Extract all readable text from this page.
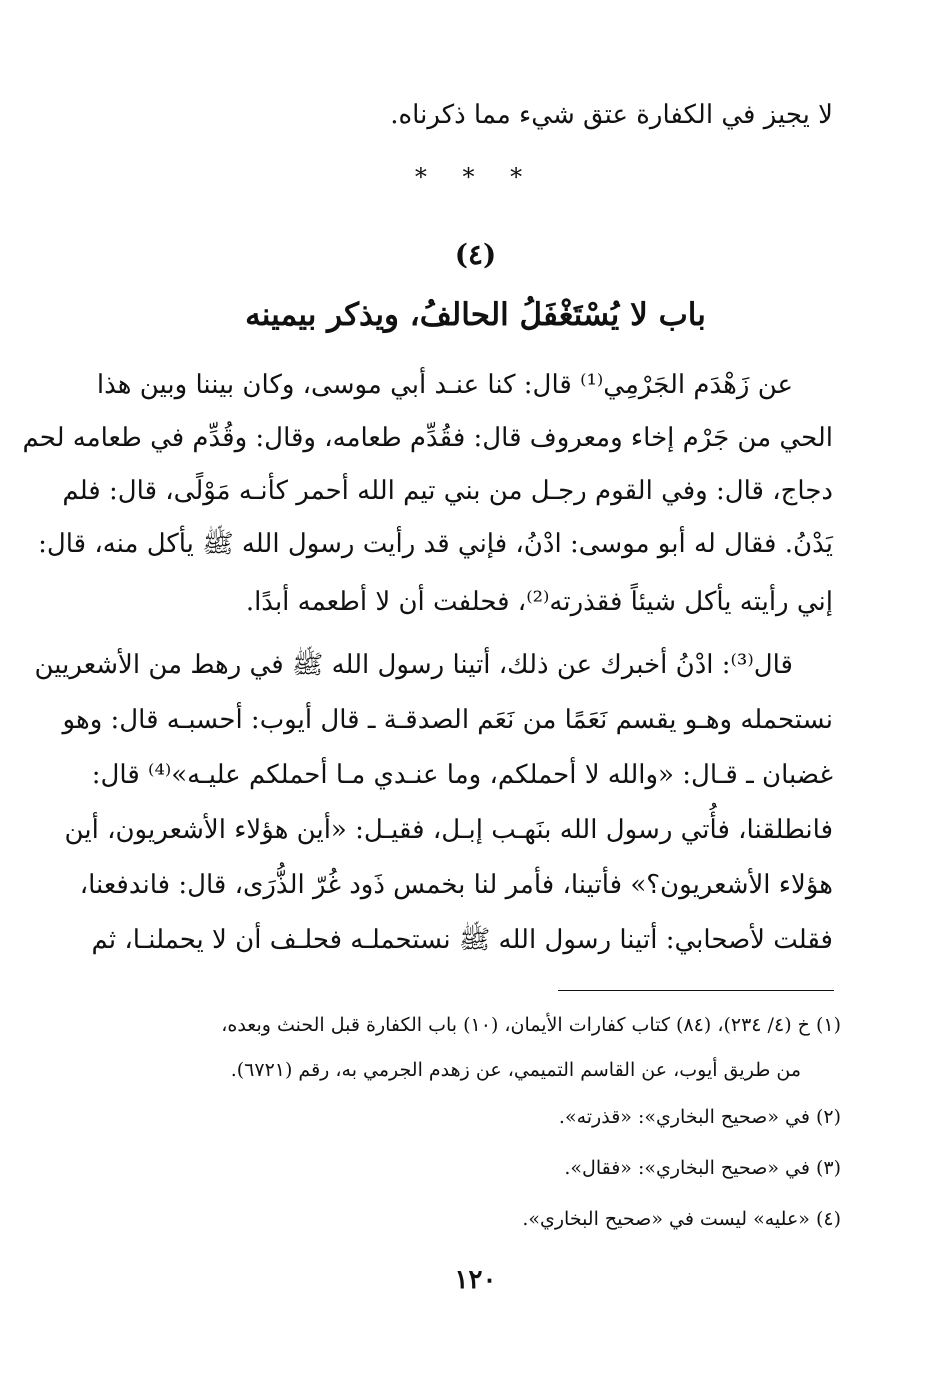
لا يجيز في الكفارة عتق شيء مما ذكرناه.
* * *
(٤)
باب لا يُسْتَغْفَلُ الحالفُ، ويذكر بيمينه
عن زَهْدَم الجَرْمِي⁽¹⁾ قال: كنا عنـد أبي موسى، وكان بيننا وبين هذا
الحي من جَرْم إخاء ومعروف قال: فقُدِّم طعامه، وقال: وقُدِّم في طعامه لحم
دجاج، قال: وفي القوم رجـل من بني تيم الله أحمر كأنـه مَوْلًى، قال: فلم
يَدْنُ. فقال له أبو موسى: ادْنُ، فإني قد رأيت رسول الله ﷺ يأكل منه، قال:
إني رأيته يأكل شيئاً فقذرته⁽²⁾، فحلفت أن لا أطعمه أبدًا.
قال⁽³⁾: ادْنُ أخبرك عن ذلك، أتينا رسول الله ﷺ في رهط من الأشعريين
نستحمله وهـو يقسم نَعَمًا من نَعَم الصدقـة ـ قال أيوب: أحسبـه قال: وهو
غضبان ـ قـال: «والله لا أحملكم، وما عنـدي مـا أحملكم عليـه»⁽⁴⁾ قال:
فانطلقنا، فأُتي رسول الله بنَهـب إبـل، فقيـل: «أين هؤلاء الأشعريون، أين
هؤلاء الأشعريون؟» فأتينا، فأمر لنا بخمس ذَود غُرّ الذُّرَى، قال: فاندفعنا،
فقلت لأصحابي: أتينا رسول الله ﷺ نستحملـه فحلـف أن لا يحملنـا، ثم
(١) خ (٤/ ٢٣٤)، (٨٤) كتاب كفارات الأيمان، (١٠) باب الكفارة قبل الحنث وبعده،
من طريق أيوب، عن القاسم التميمي، عن زهدم الجرمي به، رقم (٦٧٢١).
(٢) في «صحيح البخاري»: «قذرته».
(٣) في «صحيح البخاري»: «فقال».
(٤) «عليه» ليست في «صحيح البخاري».
١٢٠
